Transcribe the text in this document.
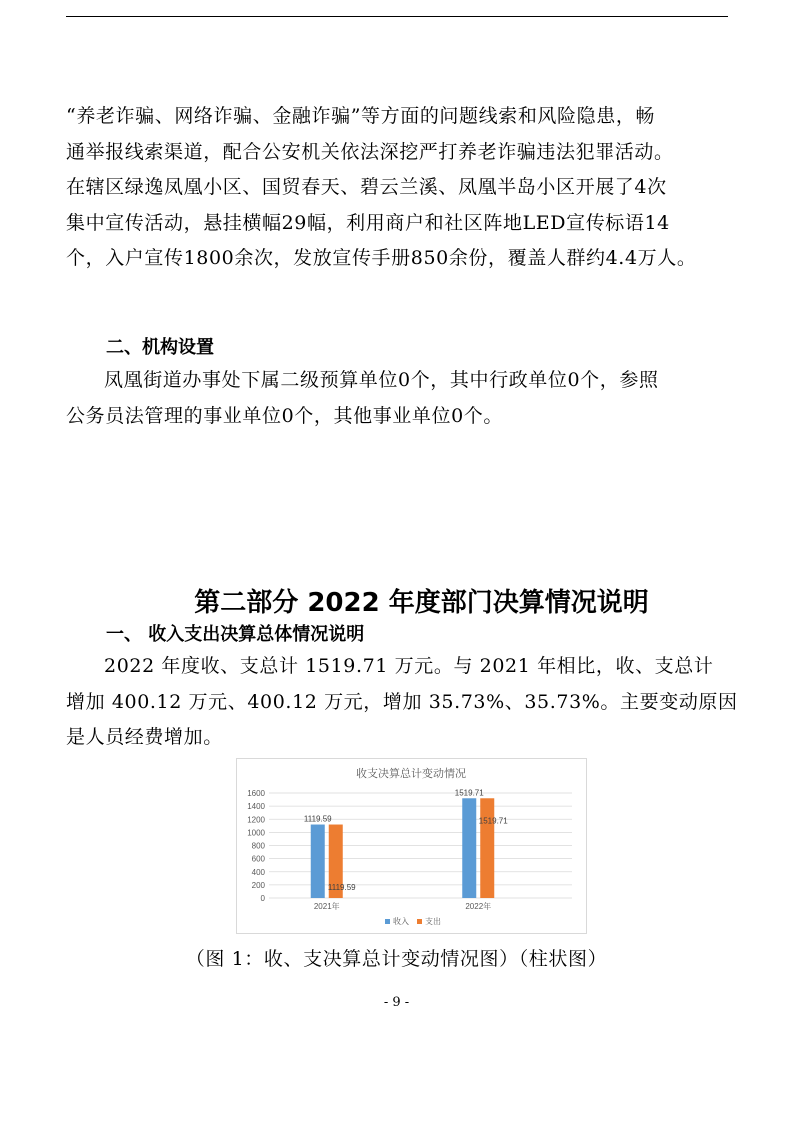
“养老诈骗、网络诈骗、金融诈骗”等方面的问题线索和风险隐患，畅
通举报线索渠道，配合公安机关依法深挖严打养老诈骗违法犯罪活动。
在辖区绿逸凤凰小区、国贸春天、碧云兰溪、凤凰半岛小区开展了4次
集中宣传活动，悬挂横幅29幅，利用商户和社区阵地LED宣传标语14
个，入户宣传1800余次，发放宣传手册850余份，覆盖人群约4.4万人。
二、机构设置
凤凰街道办事处下属二级预算单位0个，其中行政单位0个，参照
公务员法管理的事业单位0个，其他事业单位0个。
第二部分 2022 年度部门决算情况说明
一、 收入支出决算总体情况说明
2022 年度收、支总计 1519.71 万元。与 2021 年相比，收、支总计
增加 400.12 万元、400.12 万元，增加 35.73%、35.73%。主要变动原因
是人员经费增加。
收支决算总计变动情况
0
200
400
600
800
1000
1200
1400
1600
1119.59
1119.59
2021年
1519.71
1519.71
2022年
收入 支出
（图 1：收、支决算总计变动情况图）（柱状图）
- 9 -
